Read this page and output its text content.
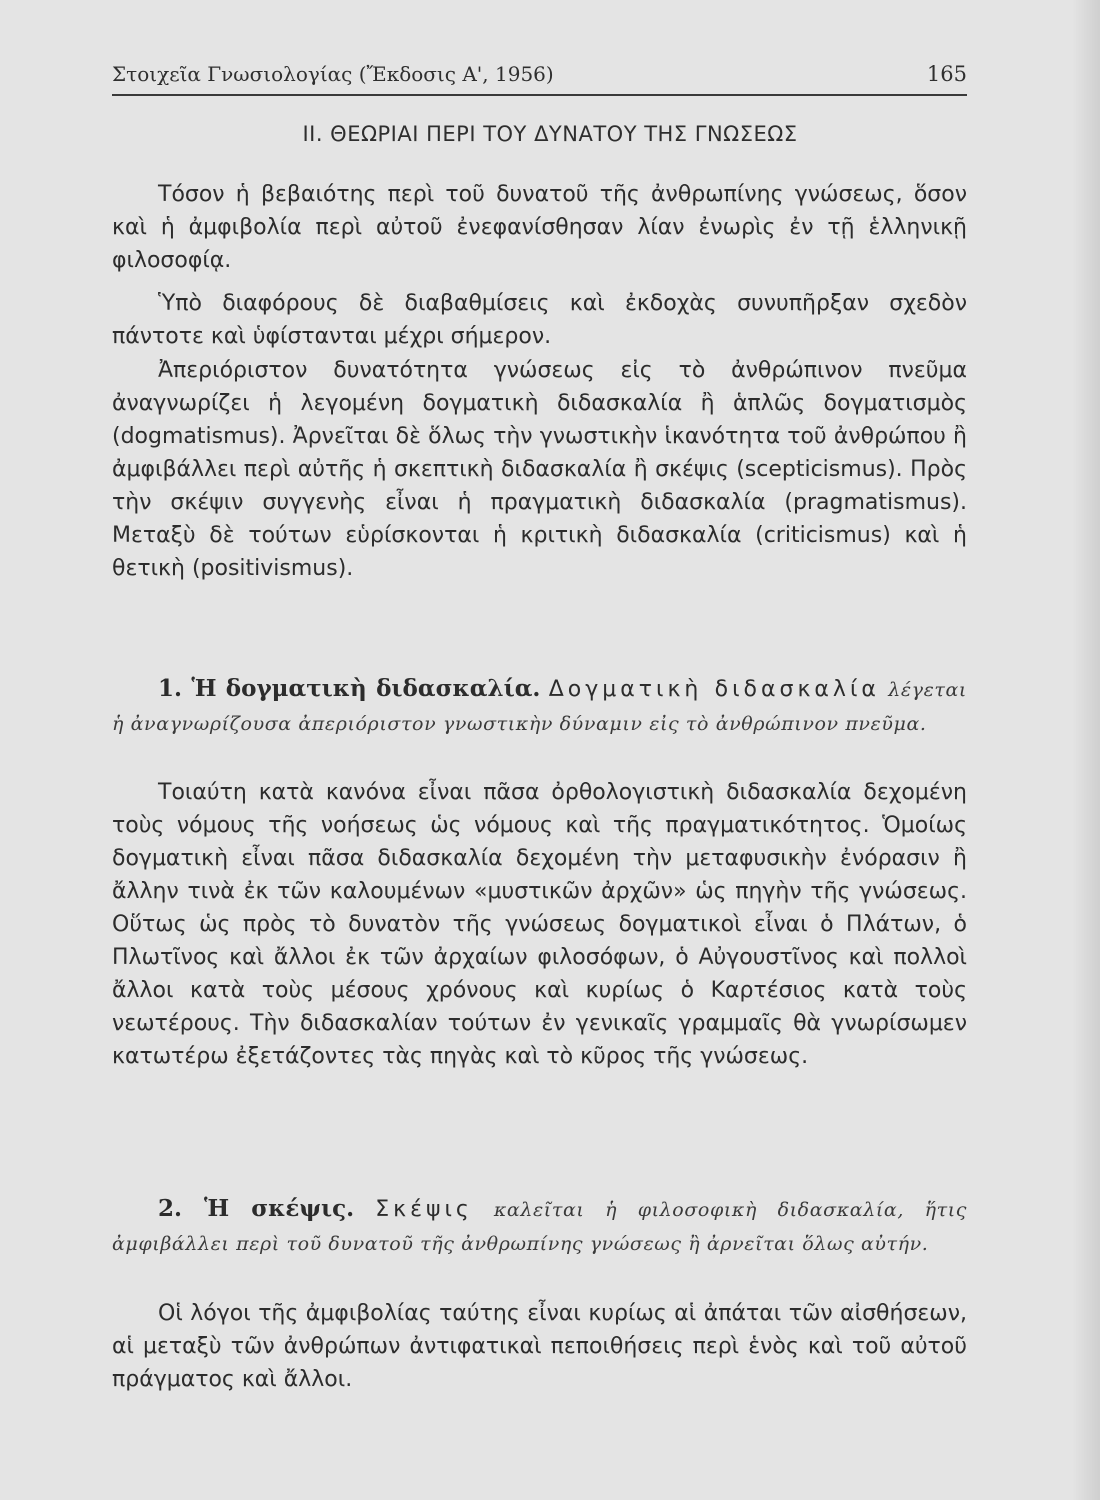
Στοιχεῖα Γνωσιολογίας (Ἔκδοσις Α', 1956)	165
II. ΘΕΩΡΙΑΙ ΠΕΡΙ ΤΟΥ ΔΥΝΑΤΟΥ ΤΗΣ ΓΝΩΣΕΩΣ

Τόσον ἡ βεβαιότης περὶ τοῦ δυνατοῦ τῆς ἀνθρωπίνης γνώσεως, ὅσον καὶ ἡ ἀμφιβολία περὶ αὐτοῦ ἐνεφανίσθησαν λίαν ἐνωρὶς ἐν τῇ ἑλληνικῇ φιλοσοφίᾳ.

Ὑπὸ διαφόρους δὲ διαβαθμίσεις καὶ ἐκδοχὰς συνυπῆρξαν σχεδὸν πάντοτε καὶ ὑφίστανται μέχρι σήμερον.

Ἀπεριόριστον δυνατότητα γνώσεως εἰς τὸ ἀνθρώπινον πνεῦμα ἀναγνωρίζει ἡ λεγομένη δογματικὴ διδασκαλία ἢ ἁπλῶς δογματισμὸς (dogmatismus). Ἀρνεῖται δὲ ὅλως τὴν γνωστικὴν ἱκανότητα τοῦ ἀνθρώπου ἢ ἀμφιβάλλει περὶ αὐτῆς ἡ σκεπτικὴ διδασκαλία ἢ σκέψις (scepticismus). Πρὸς τὴν σκέψιν συγγενὴς εἶναι ἡ πραγματικὴ διδασκαλία (pragmatismus). Μεταξὺ δὲ τούτων εὑρίσκονται ἡ κριτικὴ διδασκαλία (criticismus) καὶ ἡ θετικὴ (positivismus).

1. Ἡ δογματικὴ διδασκαλία. Δογματικὴ διδασκαλία λέγεται ἡ ἀναγνωρίζουσα ἀπεριόριστον γνωστικὴν δύναμιν εἰς τὸ ἀνθρώπινον πνεῦμα.

Τοιαύτη κατὰ κανόνα εἶναι πᾶσα ὀρθολογιστικὴ διδασκαλία δεχομένη τοὺς νόμους τῆς νοήσεως ὡς νόμους καὶ τῆς πραγματικότητος. Ὁμοίως δογματικὴ εἶναι πᾶσα διδασκαλία δεχομένη τὴν μεταφυσικὴν ἐνόρασιν ἢ ἄλλην τινὰ ἐκ τῶν καλουμένων «μυστικῶν ἀρχῶν» ὡς πηγὴν τῆς γνώσεως. Οὕτως ὡς πρὸς τὸ δυνατὸν τῆς γνώσεως δογματικοὶ εἶναι ὁ Πλάτων, ὁ Πλωτῖνος καὶ ἄλλοι ἐκ τῶν ἀρχαίων φιλοσόφων, ὁ Αὐγουστῖνος καὶ πολλοὶ ἄλλοι κατὰ τοὺς μέσους χρόνους καὶ κυρίως ὁ Καρτέσιος κατὰ τοὺς νεωτέρους. Τὴν διδασκαλίαν τούτων ἐν γενικαῖς γραμμαῖς θὰ γνωρίσωμεν κατωτέρω ἐξετάζοντες τὰς πηγὰς καὶ τὸ κῦρος τῆς γνώσεως.

2. Ἡ σκέψις. Σκέψις καλεῖται ἡ φιλοσοφικὴ διδασκαλία, ἥτις ἀμφιβάλλει περὶ τοῦ δυνατοῦ τῆς ἀνθρωπίνης γνώσεως ἢ ἀρνεῖται ὅλως αὐτήν.

Οἱ λόγοι τῆς ἀμφιβολίας ταύτης εἶναι κυρίως αἱ ἀπάται τῶν αἰσθήσεων, αἱ μεταξὺ τῶν ἀνθρώπων ἀντιφατικαὶ πεποιθήσεις περὶ ἑνὸς καὶ τοῦ αὐτοῦ πράγματος καὶ ἄλλοι.
